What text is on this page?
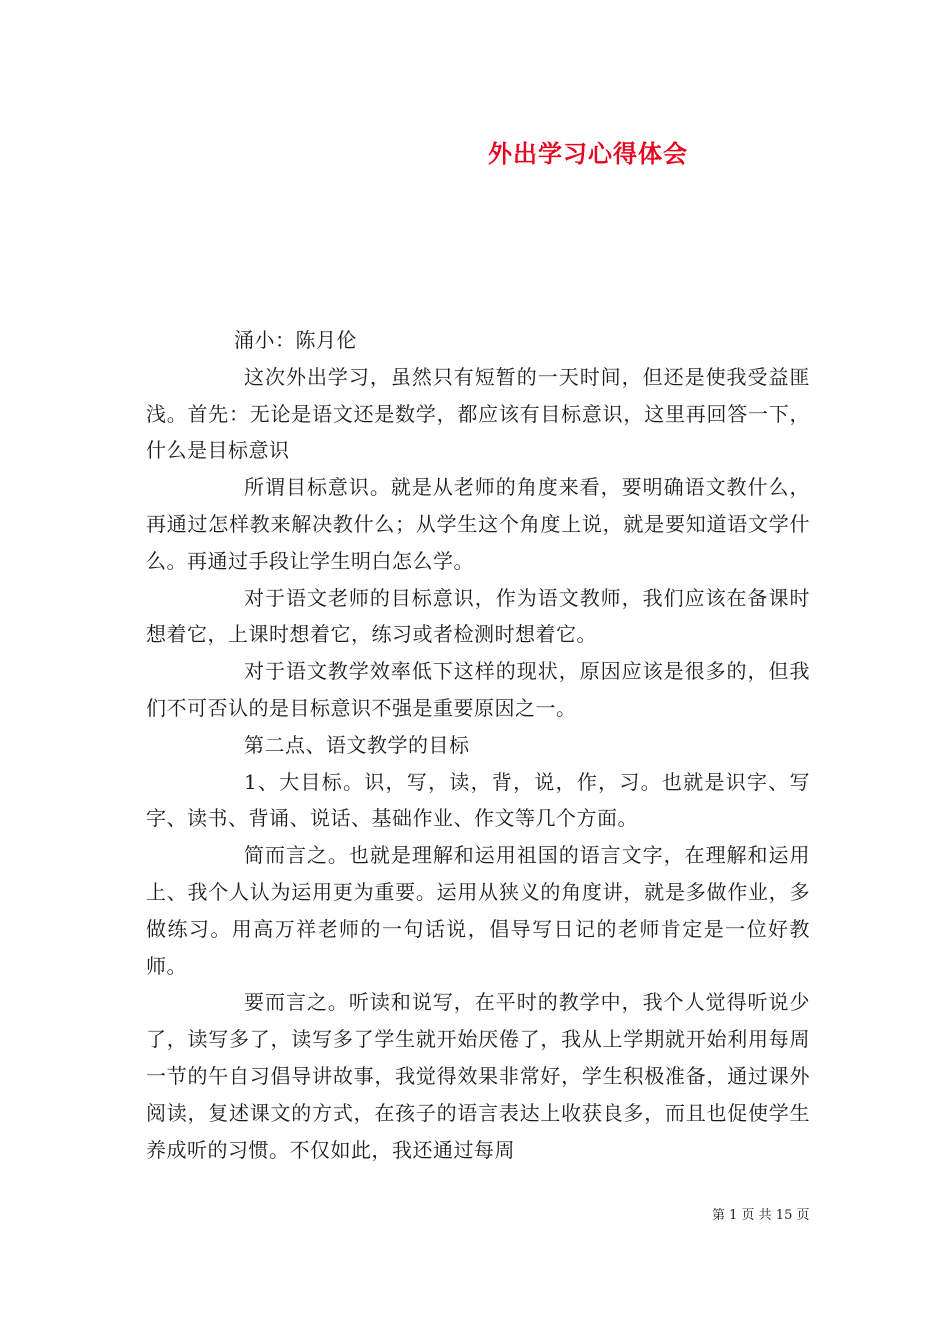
外出学习心得体会

涌小：陈月伦

这次外出学习，虽然只有短暂的一天时间，但还是使我受益匪浅。首先：无论是语文还是数学，都应该有目标意识，这里再回答一下，什么是目标意识

所谓目标意识。就是从老师的角度来看，要明确语文教什么，再通过怎样教来解决教什么；从学生这个角度上说，就是要知道语文学什么。再通过手段让学生明白怎么学。

对于语文老师的目标意识，作为语文教师，我们应该在备课时想着它，上课时想着它，练习或者检测时想着它。

对于语文教学效率低下这样的现状，原因应该是很多的，但我们不可否认的是目标意识不强是重要原因之一。

第二点、语文教学的目标

1、大目标。识，写，读，背，说，作，习。也就是识字、写字、读书、背诵、说话、基础作业、作文等几个方面。

简而言之。也就是理解和运用祖国的语言文字，在理解和运用上、我个人认为运用更为重要。运用从狭义的角度讲，就是多做作业，多做练习。用高万祥老师的一句话说，倡导写日记的老师肯定是一位好教师。

要而言之。听读和说写，在平时的教学中，我个人觉得听说少了，读写多了，读写多了学生就开始厌倦了，我从上学期就开始利用每周一节的午自习倡导讲故事，我觉得效果非常好，学生积极准备，通过课外阅读，复述课文的方式，在孩子的语言表达上收获良多，而且也促使学生养成听的习惯。不仅如此，我还通过每周

第 1 页 共 15 页
